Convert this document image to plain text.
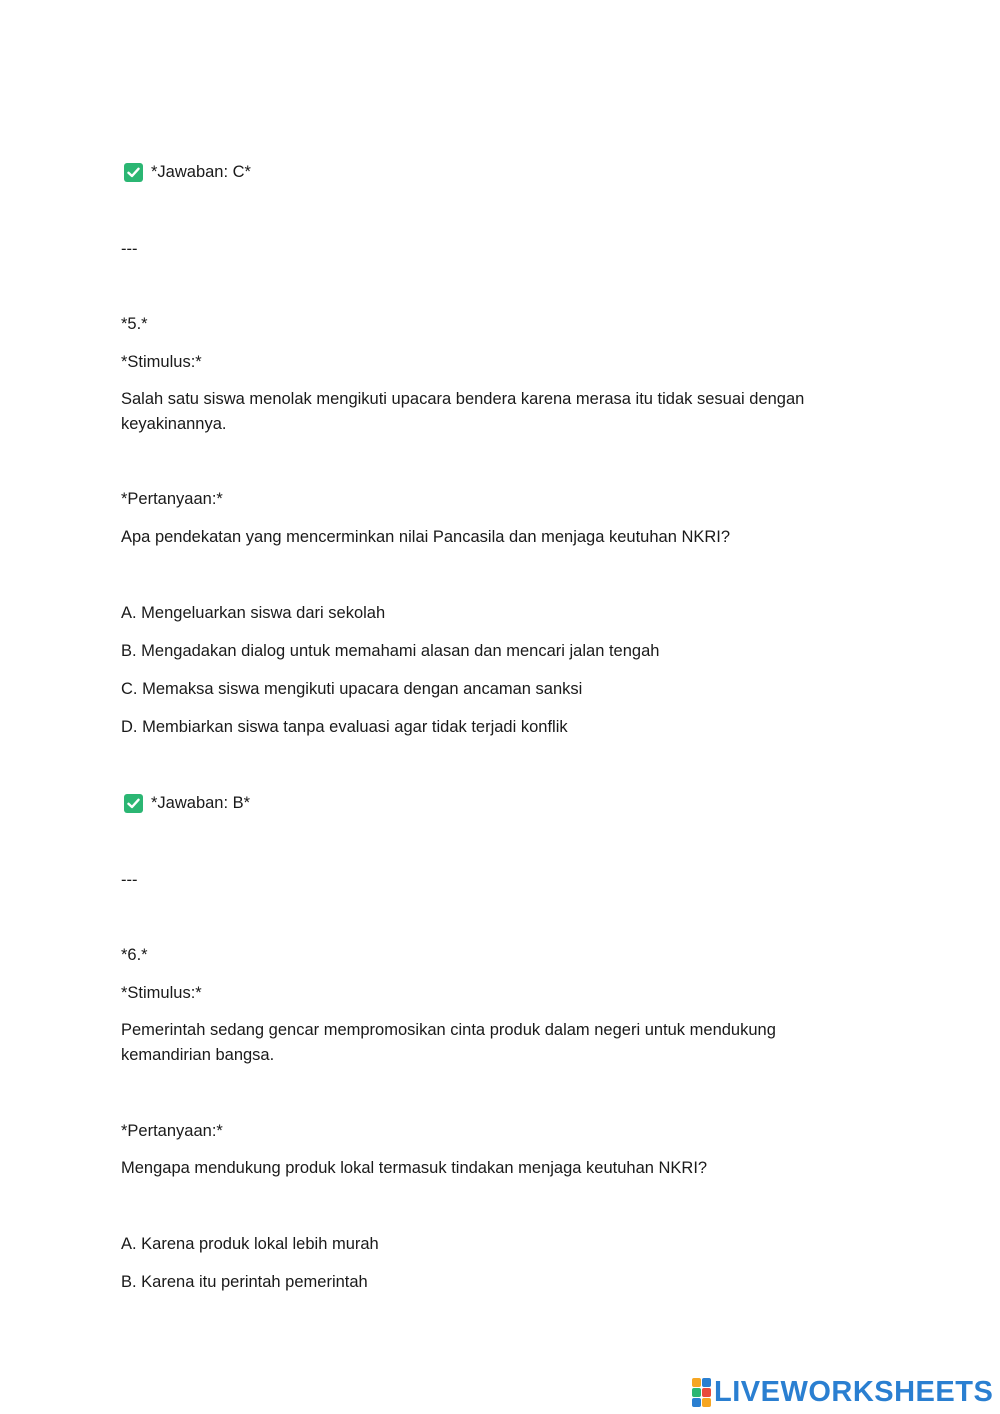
*Jawaban: C*
---
*5.*
*Stimulus:*
Salah satu siswa menolak mengikuti upacara bendera karena merasa itu tidak sesuai dengan keyakinannya.
*Pertanyaan:*
Apa pendekatan yang mencerminkan nilai Pancasila dan menjaga keutuhan NKRI?
A. Mengeluarkan siswa dari sekolah
B. Mengadakan dialog untuk memahami alasan dan mencari jalan tengah
C. Memaksa siswa mengikuti upacara dengan ancaman sanksi
D. Membiarkan siswa tanpa evaluasi agar tidak terjadi konflik
*Jawaban: B*
---
*6.*
*Stimulus:*
Pemerintah sedang gencar mempromosikan cinta produk dalam negeri untuk mendukung kemandirian bangsa.
*Pertanyaan:*
Mengapa mendukung produk lokal termasuk tindakan menjaga keutuhan NKRI?
A. Karena produk lokal lebih murah
B. Karena itu perintah pemerintah
LIVEWORKSHEETS
